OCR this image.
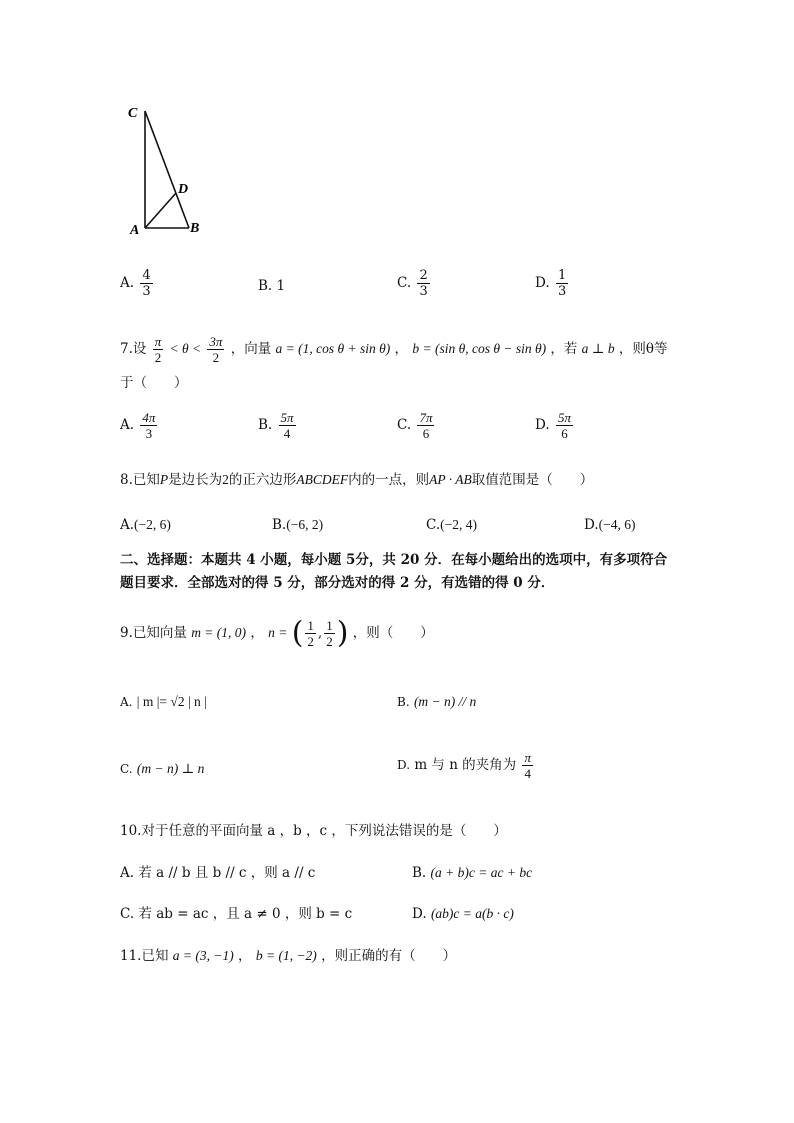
C
D
A	B
A. $\frac{4}{3}$	B. 1	C. $\frac{2}{3}$	D. $\frac{1}{3}$
7.设 $\frac{\pi}{2} < \theta < \frac{3\pi}{2}$ ，向量 a = (1, cos θ + sin θ) ， b = (sin θ, cos θ − sin θ) ，若 a ⊥ b ，则θ等
于（　　）
A. $\frac{4\pi}{3}$	B. $\frac{5\pi}{4}$	C. $\frac{7\pi}{6}$	D. $\frac{5\pi}{6}$
8.已知P是边长为2的正六边形ABCDEF内的一点，则AP · AB取值范围是（　　）
A.(−2, 6)	B.(−6, 2)	C.(−2, 4)	D.(−4, 6)
二、选择题：本题共 4 小题，每小题 5分，共 20 分．在每小题给出的选项中，有多项符合
题目要求．全部选对的得 5 分，部分选对的得 2 分，有选错的得 0 分．
9.已知向量 m = (1, 0) ， n = ( $\frac{1}{2}$ , $\frac{1}{2}$ ) ，则（　　）
A. | m |= √2 | n |	B. (m − n) // n
C. (m − n) ⊥ n	D. m 与 n 的夹角为 $\frac{\pi}{4}$
10.对于任意的平面向量 a ，b ，c ，下列说法错误的是（　　）
A. 若 a // b 且 b // c ，则 a // c	B. (a + b)c = ac + bc
C. 若 ab = ac ，且 a ≠ 0 ，则 b = c	D. (ab)c = a(b · c)
11.已知 a = (3, −1) ， b = (1, −2) ，则正确的有（　　）
